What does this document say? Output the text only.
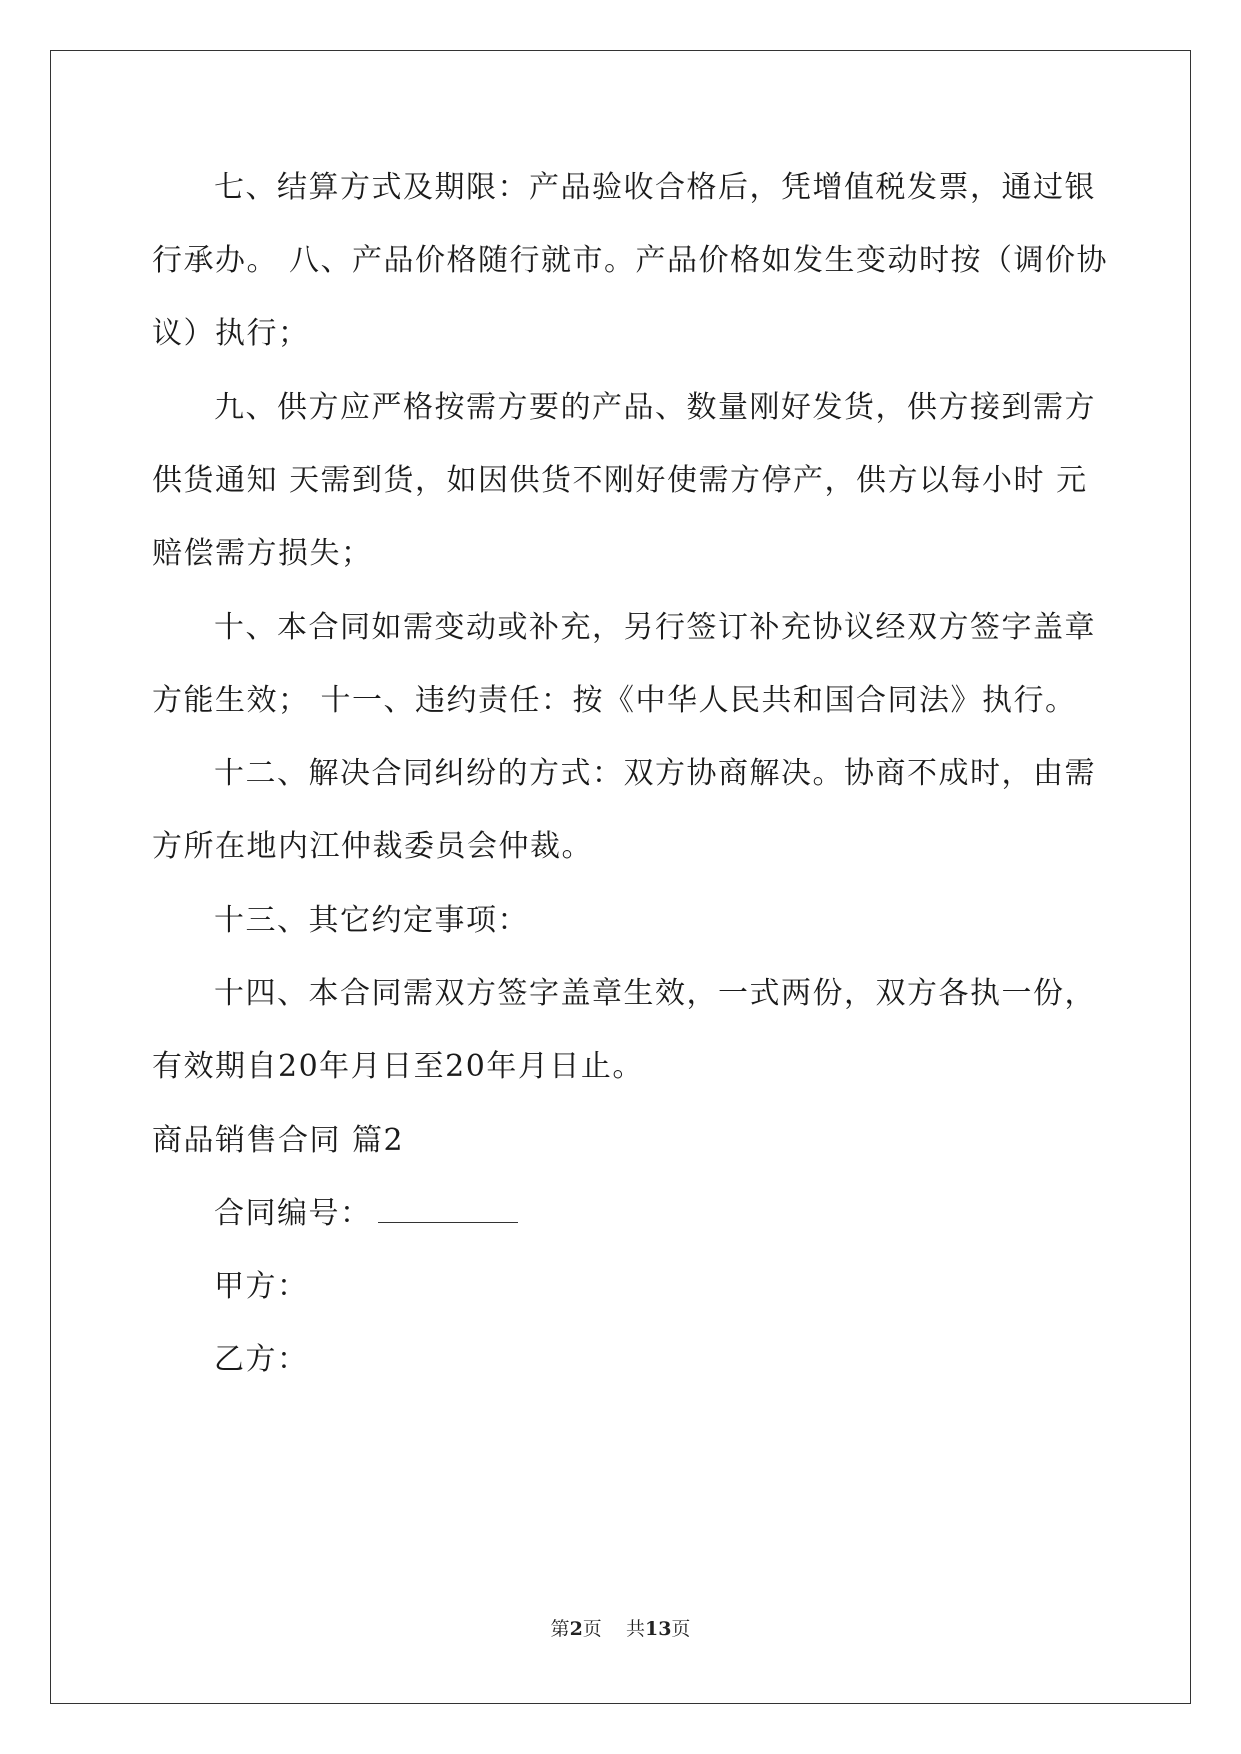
七、结算方式及期限：产品验收合格后，凭增值税发票，通过银
行承办。 八、产品价格随行就市。产品价格如发生变动时按（调价协
议）执行；
九、供方应严格按需方要的产品、数量刚好发货，供方接到需方
供货通知 天需到货，如因供货不刚好使需方停产，供方以每小时 元
赔偿需方损失；
十、本合同如需变动或补充，另行签订补充协议经双方签字盖章
方能生效； 十一、违约责任：按《中华人民共和国合同法》执行。
十二、解决合同纠纷的方式：双方协商解决。协商不成时，由需
方所在地内江仲裁委员会仲裁。
十三、其它约定事项：
十四、本合同需双方签字盖章生效，一式两份，双方各执一份，
有效期自20年月日至20年月日止。
商品销售合同 篇2
合同编号：
甲方：
乙方：
第2页    共13页
